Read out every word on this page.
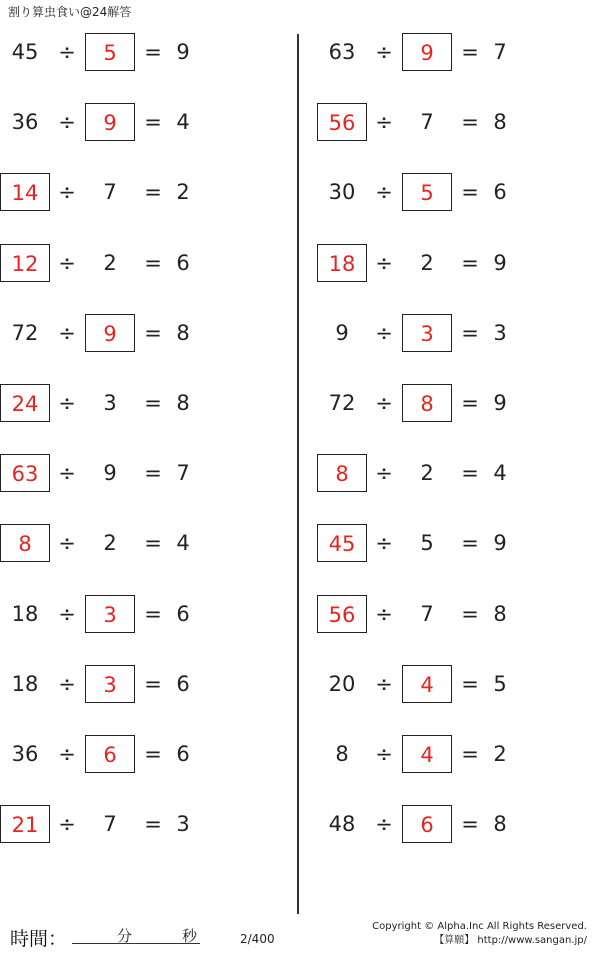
割り算虫食い@24解答
45 ÷	5	= 9
36 ÷	9	= 4
14 ÷	7	= 2
12 ÷	2	= 6
72 ÷	9	= 8
24 ÷	3	= 8
63 ÷	9	= 7
8	÷	2	= 4
18 ÷	3	= 6
18 ÷	3	= 6
36 ÷	6	= 6
21 ÷	7	= 3
63 ÷	9	= 7
56 ÷	7	= 8
30 ÷	5	= 6
18 ÷	2	= 9
9	÷	3	= 3
72 ÷	8	= 9
8	÷	2	= 4
45 ÷	5	= 9
56 ÷	7	= 8
20 ÷	4	= 5
8	÷	4	= 2
48 ÷	6	= 8
時間：	分	秒	2/400
Copyright © Alpha.Inc All Rights Reserved.
【算願】 http://www.sangan.jp/
